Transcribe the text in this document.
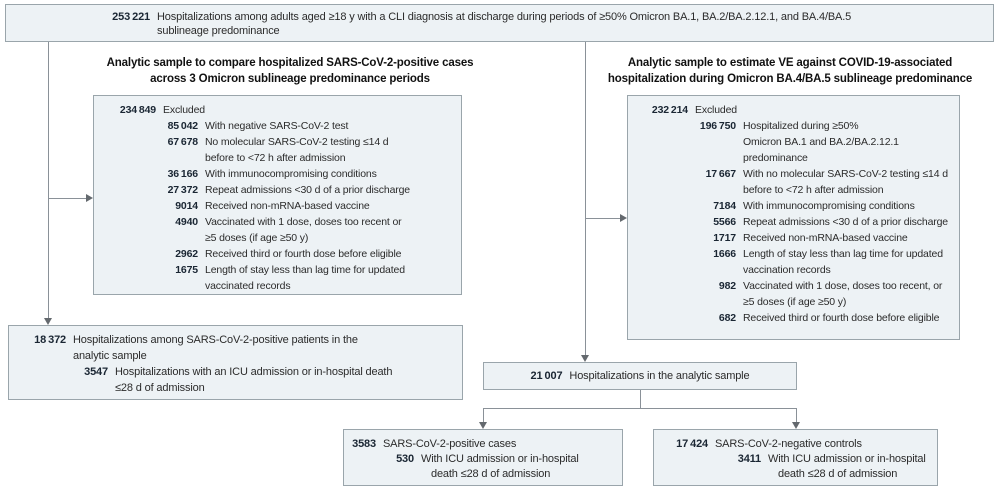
253 221 Hospitalizations among adults aged ≥18 y with a CLI diagnosis at discharge during periods of ≥50% Omicron BA.1, BA.2/BA.2.12.1, and BA.4/BA.5
sublineage predominance
Analytic sample to compare hospitalized SARS-CoV-2-positive cases
across 3 Omicron sublineage predominance periods
Analytic sample to estimate VE against COVID-19-associated
hospitalization during Omicron BA.4/BA.5 sublineage predominance
234 849 Excluded
85 042 With negative SARS-CoV-2 test
67 678 No molecular SARS-CoV-2 testing ≤14 d
before to <72 h after admission
36 166 With immunocompromising conditions
27 372 Repeat admissions <30 d of a prior discharge
9014 Received non-mRNA-based vaccine
4940 Vaccinated with 1 dose, doses too recent or
≥5 doses (if age ≥50 y)
2962 Received third or fourth dose before eligible
1675 Length of stay less than lag time for updated
vaccinated records
232 214 Excluded
196 750 Hospitalized during ≥50%
Omicron BA.1 and BA.2/BA.2.12.1
predominance
17 667 With no molecular SARS-CoV-2 testing ≤14 d
before to <72 h after admission
7184 With immunocompromising conditions
5566 Repeat admissions <30 d of a prior discharge
1717 Received non-mRNA-based vaccine
1666 Length of stay less than lag time for updated
vaccination records
982 Vaccinated with 1 dose, doses too recent, or
≥5 doses (if age ≥50 y)
682 Received third or fourth dose before eligible
18 372 Hospitalizations among SARS-CoV-2-positive patients in the
analytic sample
3547 Hospitalizations with an ICU admission or in-hospital death
≤28 d of admission
21 007 Hospitalizations in the analytic sample
3583 SARS-CoV-2-positive cases
530 With ICU admission or in-hospital
death ≤28 d of admission
17 424 SARS-CoV-2-negative controls
3411 With ICU admission or in-hospital
death ≤28 d of admission
